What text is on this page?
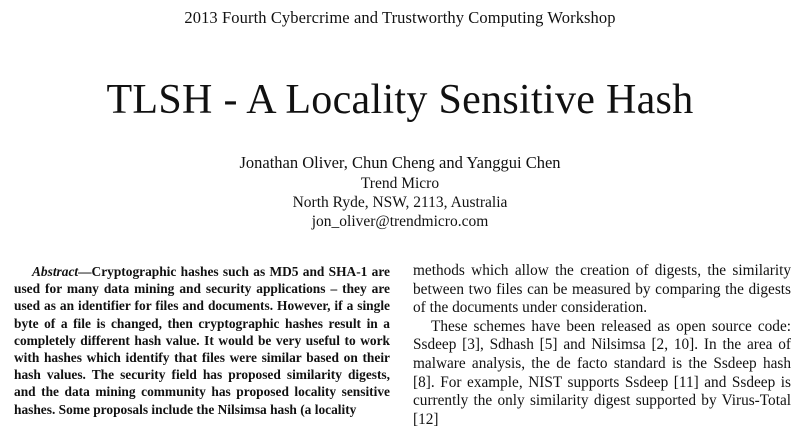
2013 Fourth Cybercrime and Trustworthy Computing Workshop
TLSH - A Locality Sensitive Hash
Jonathan Oliver, Chun Cheng and Yanggui Chen
Trend Micro
North Ryde, NSW, 2113, Australia
jon_oliver@trendmicro.com
Abstract—Cryptographic hashes such as MD5 and SHA-1 are used for many data mining and security applications – they are used as an identifier for files and documents. However, if a single byte of a file is changed, then cryptographic hashes result in a completely different hash value. It would be very useful to work with hashes which identify that files were similar based on their hash values. The security field has proposed similarity digests, and the data mining community has proposed locality sensitive hashes. Some proposals include the Nilsimsa hash (a locality

methods which allow the creation of digests, the similarity between two files can be measured by comparing the digests of the documents under consideration.

These schemes have been released as open source code: Ssdeep [3], Sdhash [5] and Nilsimsa [2, 10]. In the area of malware analysis, the de facto standard is the Ssdeep hash [8]. For example, NIST supports Ssdeep [11] and Ssdeep is currently the only similarity digest supported by Virus-Total [12]
